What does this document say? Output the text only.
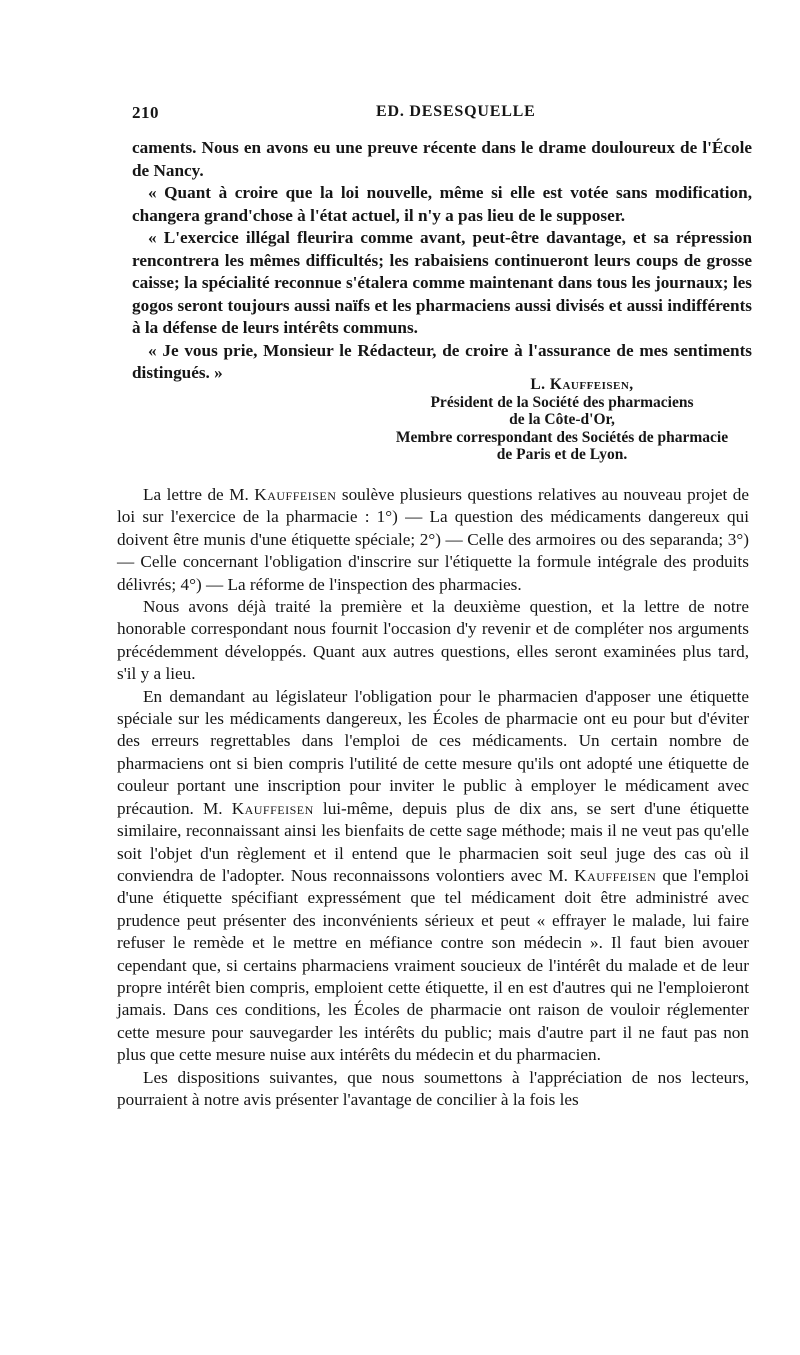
210	ED. DESESQUELLE

caments. Nous en avons eu une preuve récente dans le drame douloureux de l'École de Nancy.

« Quant à croire que la loi nouvelle, même si elle est votée sans modification, changera grand'chose à l'état actuel, il n'y a pas lieu de le supposer.

« L'exercice illégal fleurira comme avant, peut-être davantage, et sa répression rencontrera les mêmes difficultés; les rabaisiens continueront leurs coups de grosse caisse; la spécialité reconnue s'étalera comme maintenant dans tous les journaux; les gogos seront toujours aussi naïfs et les pharmaciens aussi divisés et aussi indifférents à la défense de leurs intérêts communs.

« Je vous prie, Monsieur le Rédacteur, de croire à l'assurance de mes sentiments distingués. »

L. Kauffeisen,
Président de la Société des pharmaciens
de la Côte-d'Or,
Membre correspondant des Sociétés de pharmacie
de Paris et de Lyon.

La lettre de M. Kauffeisen soulève plusieurs questions relatives au nouveau projet de loi sur l'exercice de la pharmacie : 1°) — La question des médicaments dangereux qui doivent être munis d'une étiquette spéciale; 2°) — Celle des armoires ou des separanda; 3°) — Celle concernant l'obligation d'inscrire sur l'étiquette la formule intégrale des produits délivrés; 4°) — La réforme de l'inspection des pharmacies.

Nous avons déjà traité la première et la deuxième question, et la lettre de notre honorable correspondant nous fournit l'occasion d'y revenir et de compléter nos arguments précédemment développés. Quant aux autres questions, elles seront examinées plus tard, s'il y a lieu.

En demandant au législateur l'obligation pour le pharmacien d'apposer une étiquette spéciale sur les médicaments dangereux, les Écoles de pharmacie ont eu pour but d'éviter des erreurs regrettables dans l'emploi de ces médicaments. Un certain nombre de pharmaciens ont si bien compris l'utilité de cette mesure qu'ils ont adopté une étiquette de couleur portant une inscription pour inviter le public à employer le médicament avec précaution. M. Kauffeisen lui-même, depuis plus de dix ans, se sert d'une étiquette similaire, reconnaissant ainsi les bienfaits de cette sage méthode; mais il ne veut pas qu'elle soit l'objet d'un règlement et il entend que le pharmacien soit seul juge des cas où il conviendra de l'adopter. Nous reconnaissons volontiers avec M. Kauffeisen que l'emploi d'une étiquette spécifiant expressément que tel médicament doit être administré avec prudence peut présenter des inconvénients sérieux et peut « effrayer le malade, lui faire refuser le remède et le mettre en méfiance contre son médecin ». Il faut bien avouer cependant que, si certains pharmaciens vraiment soucieux de l'intérêt du malade et de leur propre intérêt bien compris, emploient cette étiquette, il en est d'autres qui ne l'emploieront jamais. Dans ces conditions, les Écoles de pharmacie ont raison de vouloir réglementer cette mesure pour sauvegarder les intérêts du public; mais d'autre part il ne faut pas non plus que cette mesure nuise aux intérêts du médecin et du pharmacien.

Les dispositions suivantes, que nous soumettons à l'appréciation de nos lecteurs, pourraient à notre avis présenter l'avantage de concilier à la fois les
